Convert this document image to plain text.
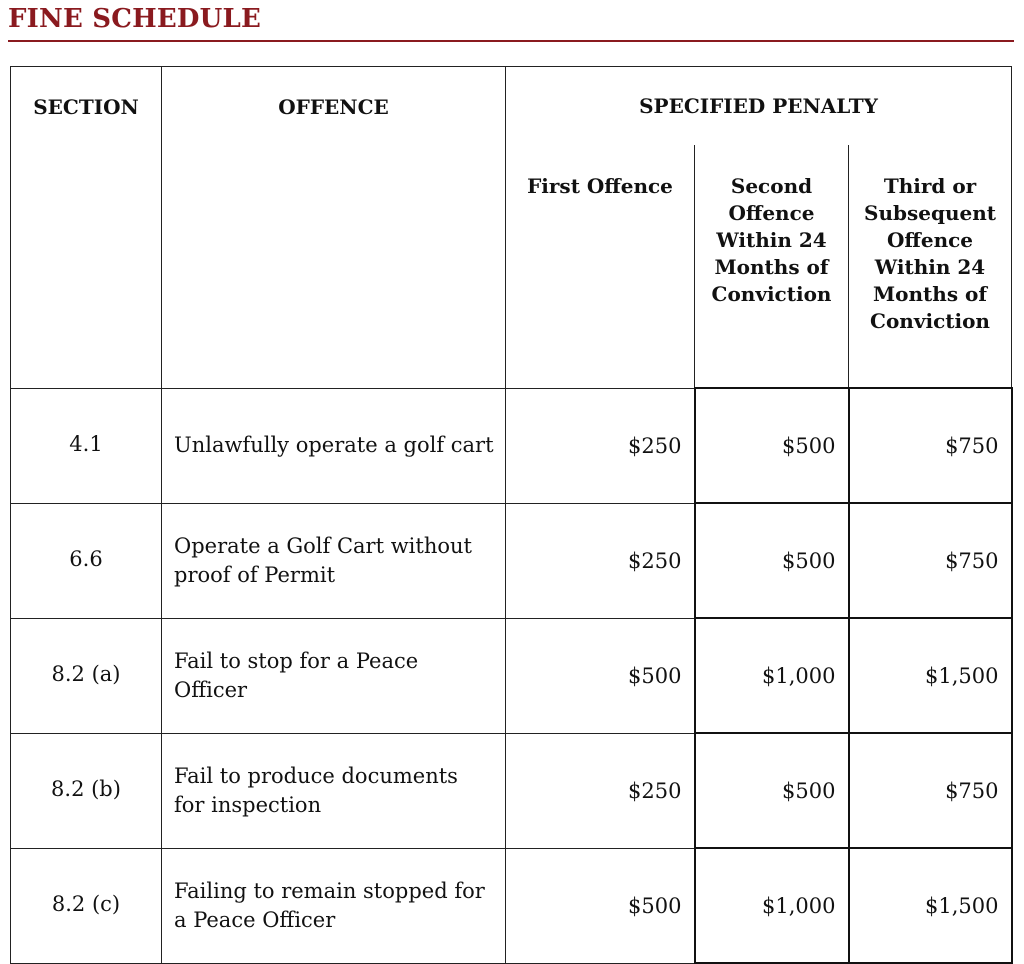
FINE SCHEDULE
SECTION	OFFENCE	SPECIFIED PENALTY		
		First Offence	Second Offence Within 24 Months of Conviction	Third or Subsequent Offence Within 24 Months of Conviction
4.1	Unlawfully operate a golf cart	$250	$500	$750
6.6	Operate a Golf Cart without proof of Permit	$250	$500	$750
8.2 (a)	Fail to stop for a Peace Officer	$500	$1,000	$1,500
8.2 (b)	Fail to produce documents for inspection	$250	$500	$750
8.2 (c)	Failing to remain stopped for a Peace Officer	$500	$1,000	$1,500
